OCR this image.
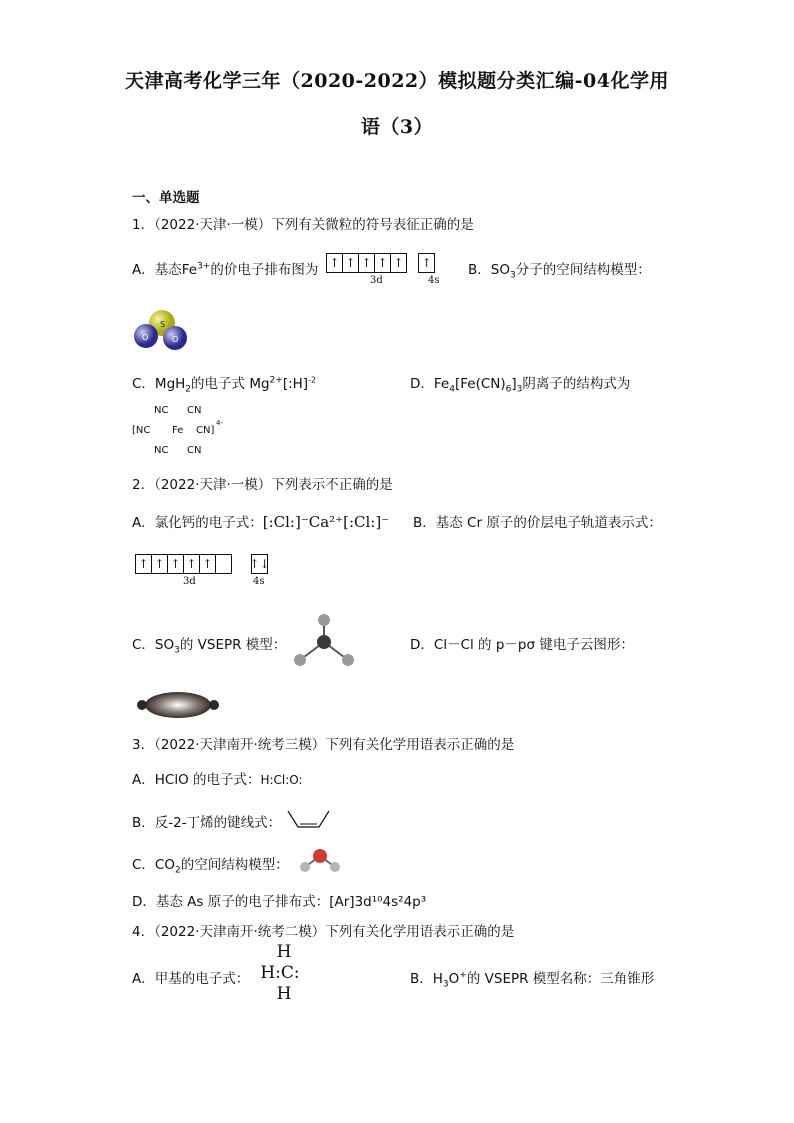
天津高考化学三年（2020-2022）模拟题分类汇编-04化学用
语（3）
一、单选题
1．（2022·天津·一模）下列有关微粒的符号表征正确的是
A．基态$Fe^{3+}$的价电子排布图为 ↑ ↑ ↑ ↑ ↑
↑
3d	4s
B．$SO_3$分子的空间结构模型：
S
O	O
C．MgH$_2$的电子式 $Mg^{2+}[:H]^{-2}$	D．$Fe_4[Fe(CN)_6]_3$阴离子的结构式为
NC CN
[NC Fe CN]
4-
NC CN
2．（2022·天津·一模）下列表示不正确的是
A．氯化钙的电子式：[:Cl:]⁻Ca²⁺[:Cl:]⁻ B．基态 Cr 原子的价层电子轨道表示式：
↑ ↑ ↑ ↑ ↑
	↑↓
3d	4s
C．$SO_3$的 VSEPR 模型：	D．Cl－Cl 的 p－pσ 键电子云图形：
3．（2022·天津南开·统考三模）下列有关化学用语表示正确的是
A．HClO 的电子式：H:Cl:O:
B．反-2-丁烯的键线式：
C．$CO_2$的空间结构模型：
D．基态 As 原子的电子排布式：[Ar]3d¹⁰4s²4p³
4．（2022·天津南开·统考二模）下列有关化学用语表示正确的是
A．甲基的电子式：
H
H:C:
H
B．$H_3O^+$的 VSEPR 模型名称：三角锥形
